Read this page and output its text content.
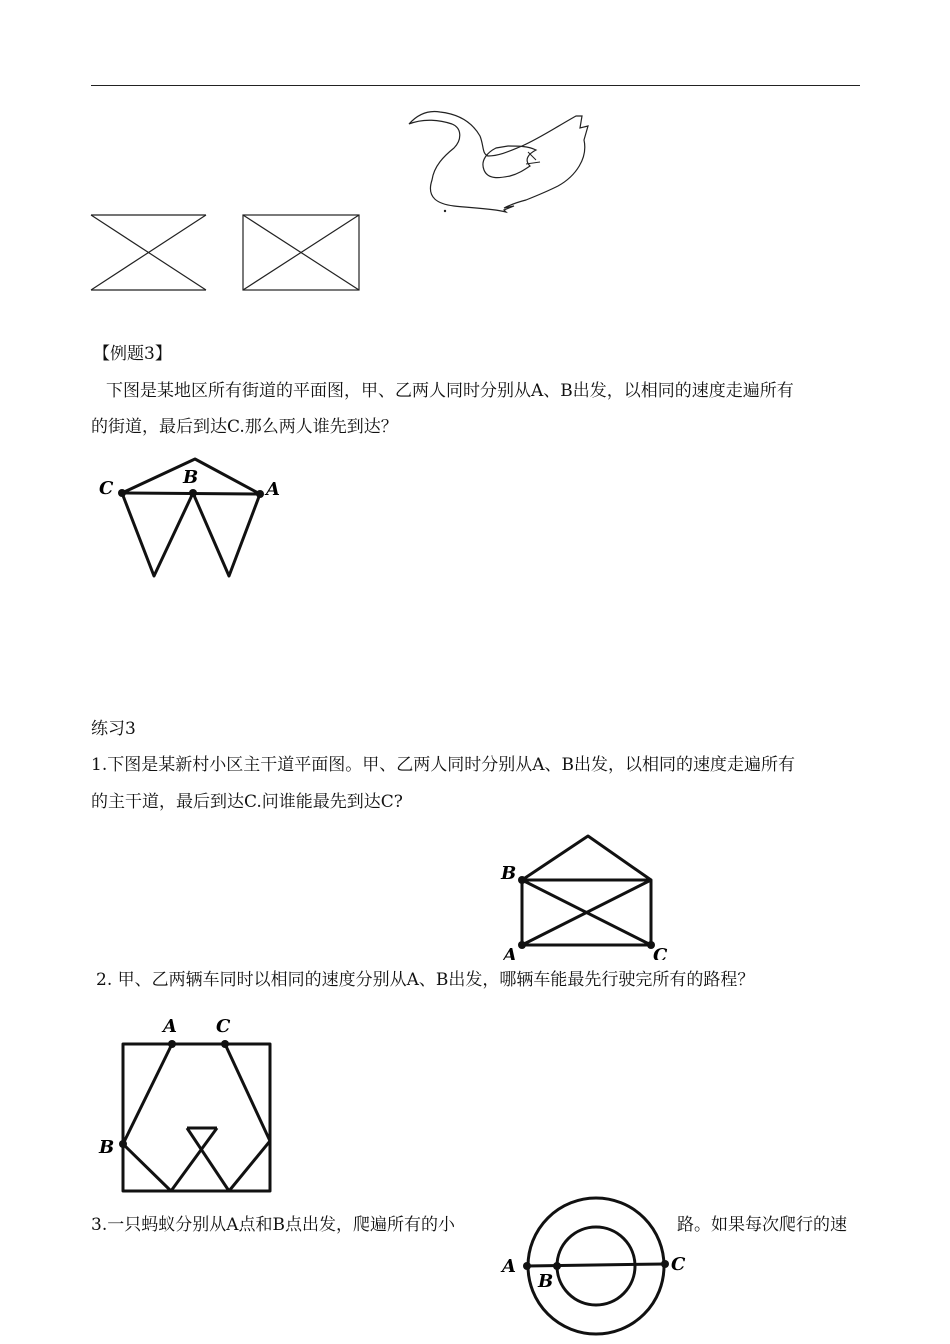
【例题3】
下图是某地区所有街道的平面图，甲、乙两人同时分别从A、B出发，以相同的速度走遍所有
的街道，最后到达C.那么两人谁先到达？
C
B
A
练习3
1.下图是某新村小区主干道平面图。甲、乙两人同时分别从A、B出发，以相同的速度走遍所有
的主干道，最后到达C.问谁能最先到达C?
B
A	C
2. 甲、乙两辆车同时以相同的速度分别从A、B出发，哪辆车能最先行驶完所有的路程？
A C
B
3.一只蚂蚁分别从A点和B点出发，爬遍所有的小	路。如果每次爬行的速
A
B
C
